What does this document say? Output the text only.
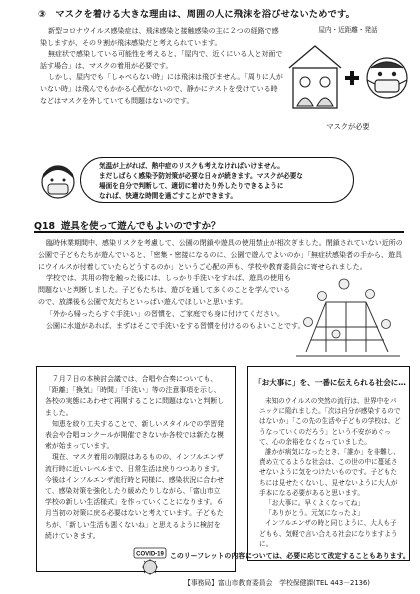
③　マスクを着ける大きな理由は、周囲の人に飛沫を浴びせないためです。

新型コロナウイルス感染症は、飛沫感染と接触感染の主に２つの経路で感染しますが、その９割が飛沫感染だと考えられています。

無症状で感染している可能性を考えると、「屋内で、近くにいる人と対面で話す場合」は、マスクの着用が必要です。

しかし、屋内でも「しゃべらない時」には飛沫は飛びません。「周りに人がいない時」は飛んでもかかる心配がないので、静かにテストを受けている時などはマスクを外していても問題はないのです。

屋内・近距離・発話
マスクが必要

気温が上がれば、熱中症のリスクも考えなければいけません。

まだしばらく感染予防対策が必要な日々が続きます。マスクが必要な

場面を自分で判断して、適切に着けたり外したりできるように

なれば、快適な時間を過ごすことができます。

Q18 遊具を使って遊んでもよいのですか？

臨時休業期間中、感染リスクを考慮して、公園の閉鎖や遊具の使用禁止が相次ぎました。閉鎖されていない近所の公園で子どもたちが遊んでいると、「密集・密接になるのに、公園で遊んでよいのか」「無症状感染者の手から、遊具にウイルスが付着していたらどうするのか」というご心配の声も、学校や教育委員会に寄せられました。

学校では、共用の物を触った後には、しっかり手洗いをすれば、遊具の使用も問題ないと判断しました。子どもたちは、遊びを通して多くのことを学んでいるので、放課後も公園で友だちといっぱい遊んでほしいと思います。

「外から帰ったらすぐ手洗い」の習慣を、ご家庭でも身に付けてください。

公園に水道があれば、まずはそこで手洗いをする習慣を付けるのもよいことです。

７月７日の本検討会議では、合唱や合奏についても、「距離」「換気」「時間」「手洗い」等の注意事項を示し、各校の実態にあわせて再開することに問題はないと判断しました。

知恵を絞り工夫することで、新しいスタイルでの学習発表会や合唱コンクールが開催できないか各校では新たな模索が始まっています。

現在、マスク着用の制限はあるものの、インフルエンザ流行時に近いレベルまで、日常生活は戻りつつあります。今後はインフルエンザ流行時と同様に、感染状況に合わせて、感染対策を強化したり緩めたりしながら、「富山市立学校の新しい生活様式」を作っていくことになります。６月当初の対策に戻る必要はないと考えています。子どもたちが、「新しい生活も悪くないね」と思えるように検討を続けていきます。

「お大事に」を、一番に伝えられる社会に…

未知のウイルスの突然の流行は、世界中をパニックに陥れました。「次は自分が感染するのではないか」「この先の生活や子どもの学校は、どうなっていくのだろう」という不安がめぐって、心の余裕をなくなっていました。

誰かが病気になったとき、「誰か」を非難し、責め立てるような社会は、この世の中に蔓延させないように気をつけたいものです。子どもたちには見せたくないし、見せないように大人が手本になる必要があると思います。

「お大事に。早くよくなってね」

「ありがとう。元気になったよ」

インフルエンザの時と同じように、大人も子どもも、気軽で言い合える社会になりますように。

COVID-19 このリーフレットの内容については、必要に応じて改定することもあります。
【事務局】富山市教育委員会　学校保健課(TEL 443－2136)
